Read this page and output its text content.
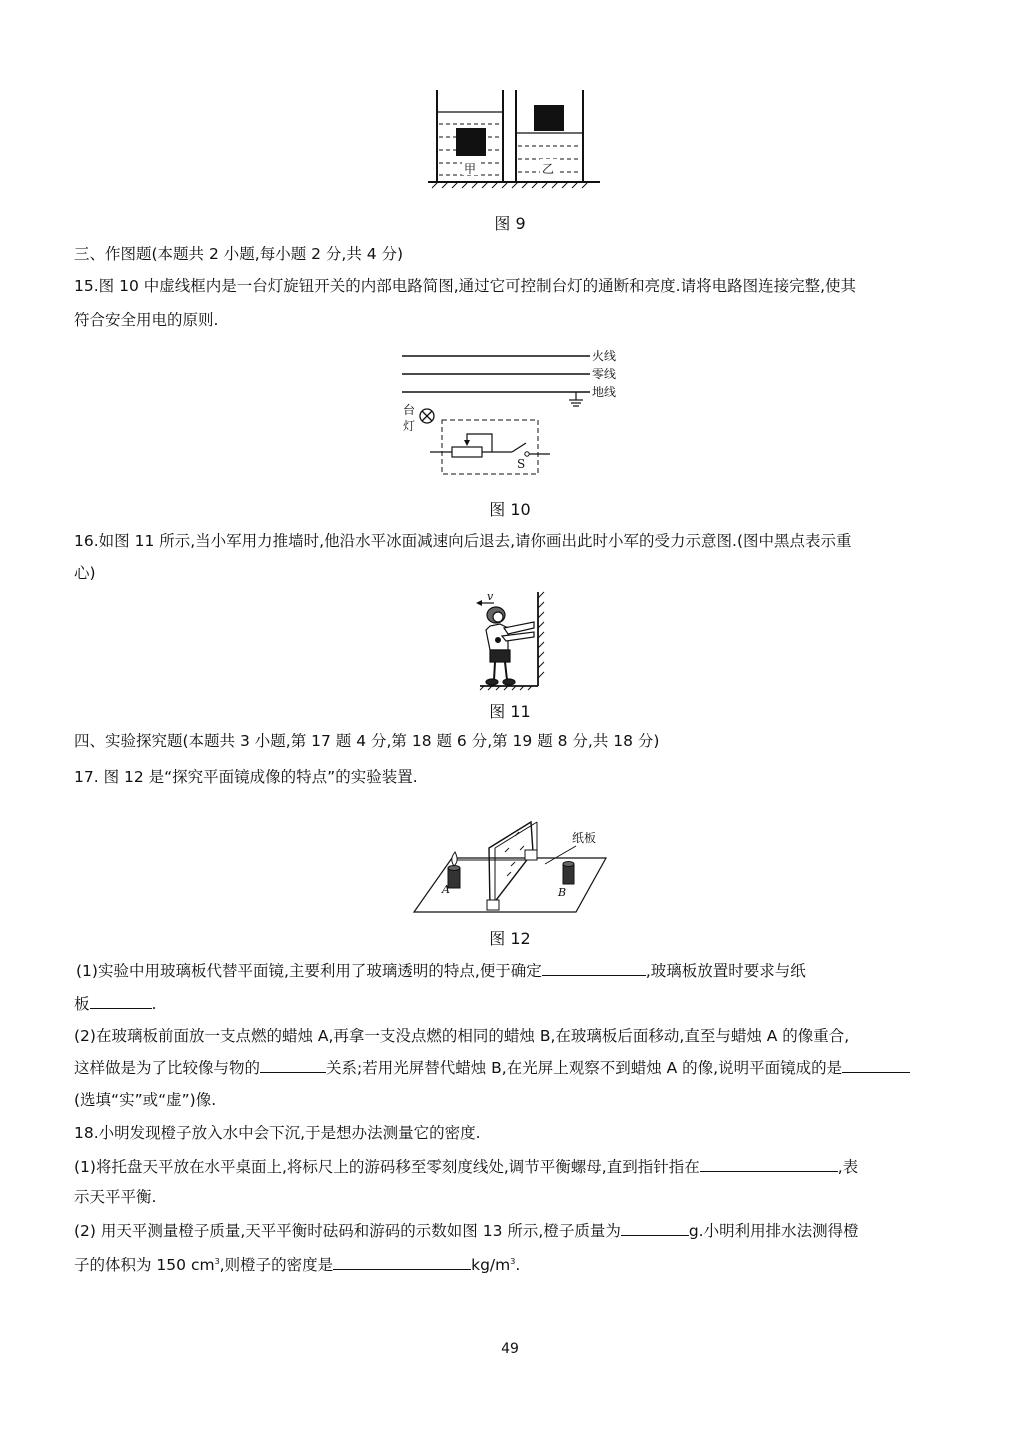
甲	乙
图 9
三、作图题(本题共 2 小题,每小题 2 分,共 4 分)
15.图 10 中虚线框内是一台灯旋钮开关的内部电路简图,通过它可控制台灯的通断和亮度.请将电路图连接完整,使其
符合安全用电的原则.
火线
零线
地线
台
灯
S
图 10
16.如图 11 所示,当小军用力推墙时,他沿水平冰面减速向后退去,请你画出此时小军的受力示意图.(图中黑点表示重
心)
v
图 11
四、实验探究题(本题共 3 小题,第 17 题 4 分,第 18 题 6 分,第 19 题 8 分,共 18 分)
17. 图 12 是“探究平面镜成像的特点”的实验装置.
A	B
纸板
图 12
(1)实验中用玻璃板代替平面镜,主要利用了玻璃透明的特点,便于确定	,玻璃板放置时要求与纸
板	.
(2)在玻璃板前面放一支点燃的蜡烛 A,再拿一支没点燃的相同的蜡烛 B,在玻璃板后面移动,直至与蜡烛 A 的像重合,
这样做是为了比较像与物的	关系;若用光屏替代蜡烛 B,在光屏上观察不到蜡烛 A 的像,说明平面镜成的是
(选填“实”或“虚”)像.
18.小明发现橙子放入水中会下沉,于是想办法测量它的密度.
(1)将托盘天平放在水平桌面上,将标尺上的游码移至零刻度线处,调节平衡螺母,直到指针指在	,表
示天平平衡.
(2) 用天平测量橙子质量,天平平衡时砝码和游码的示数如图 13 所示,橙子质量为	g.小明利用排水法测得橙
子的体积为 150 $cm^3$,则橙子的密度是	$kg/m^3$.
49
